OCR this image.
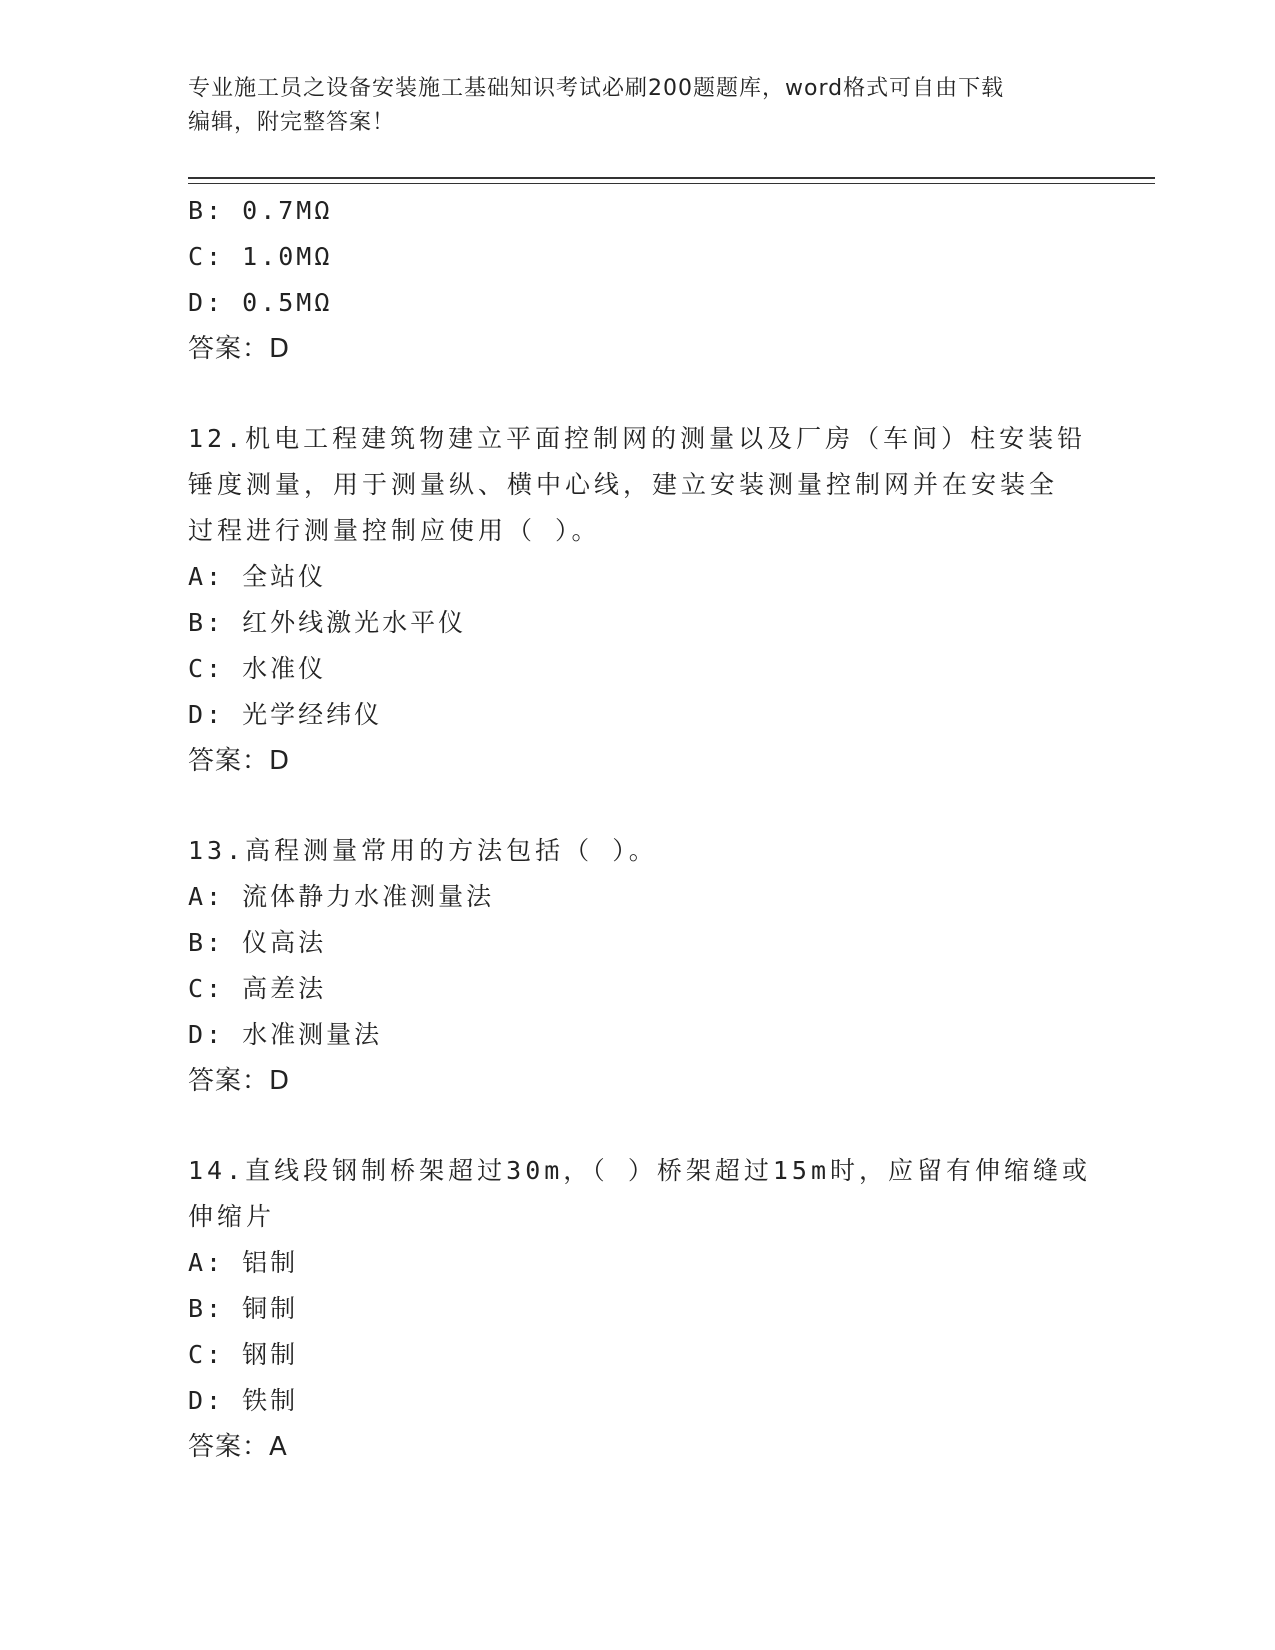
专业施工员之设备安装施工基础知识考试必刷200题题库，word格式可自由下载
编辑，附完整答案！
B: 0.7MΩ
C: 1.0MΩ
D: 0.5MΩ
答案：D
12.机电工程建筑物建立平面控制网的测量以及厂房（车间）柱安装铅
锤度测量，用于测量纵、横中心线，建立安装测量控制网并在安装全
过程进行测量控制应使用（ ）。
A: 全站仪
B: 红外线激光水平仪
C: 水准仪
D: 光学经纬仪
答案：D
13.高程测量常用的方法包括（ ）。
A: 流体静力水准测量法
B: 仪高法
C: 高差法
D: 水准测量法
答案：D
14.直线段钢制桥架超过30m，（ ）桥架超过15m时，应留有伸缩缝或
伸缩片
A: 铝制
B: 铜制
C: 钢制
D: 铁制
答案：A
